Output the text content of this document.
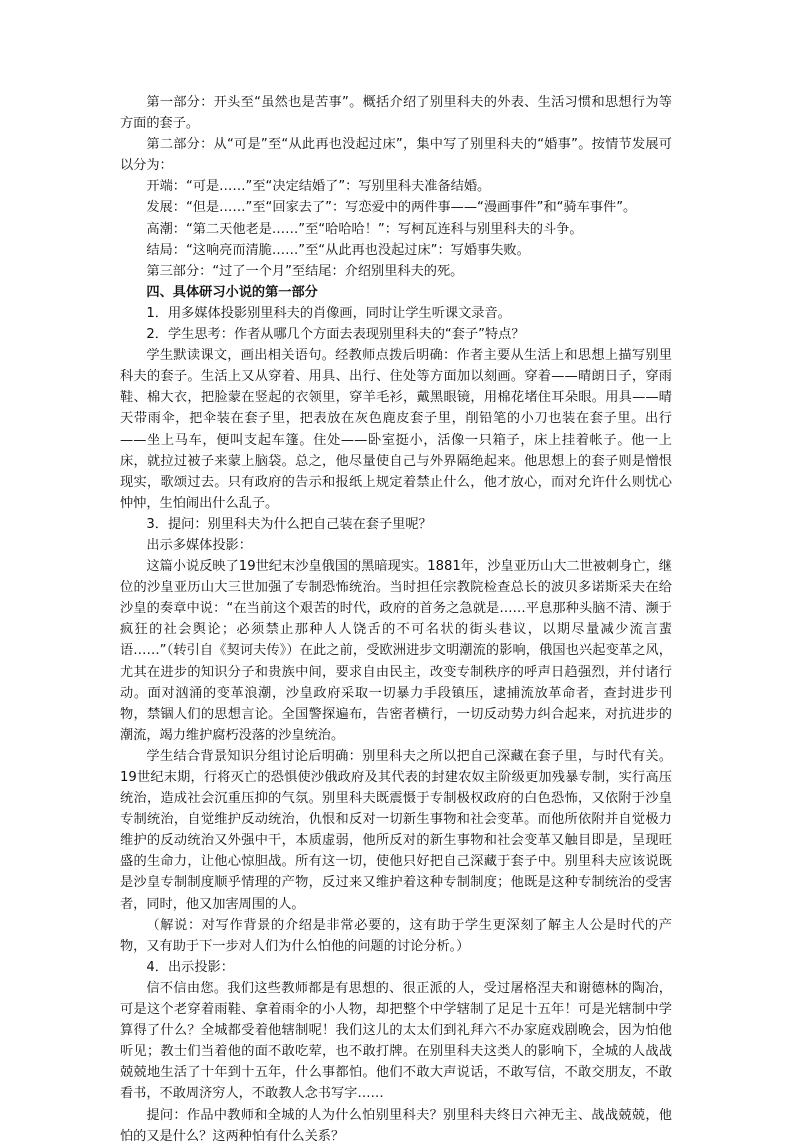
第一部分：开头至“虽然也是苦事”。概括介绍了别里科夫的外表、生活习惯和思想行为等方面的套子。

第二部分：从“可是”至“从此再也没起过床”，集中写了别里科夫的“婚事”。按情节发展可以分为：

开端：“可是……”至“决定结婚了”：写别里科夫准备结婚。

发展：“但是……”至“回家去了”：写恋爱中的两件事——“漫画事件”和“骑车事件”。

高潮：“第二天他老是……”至“哈哈哈！”：写柯瓦连科与别里科夫的斗争。

结局：“这响亮而清脆……”至“从此再也没起过床”：写婚事失败。

第三部分：“过了一个月”至结尾：介绍别里科夫的死。

四、具体研习小说的第一部分

1．用多媒体投影别里科夫的肖像画，同时让学生听课文录音。

2．学生思考：作者从哪几个方面去表现别里科夫的“套子”特点？

学生默读课文，画出相关语句。经教师点拨后明确：作者主要从生活上和思想上描写别里科夫的套子。生活上又从穿着、用具、出行、住处等方面加以刻画。穿着——晴朗日子，穿雨鞋、棉大衣，把脸蒙在竖起的衣领里，穿羊毛衫，戴黑眼镜，用棉花堵住耳朵眼。用具——晴天带雨伞，把伞装在套子里，把表放在灰色鹿皮套子里，削铅笔的小刀也装在套子里。出行——坐上马车，便叫支起车篷。住处——卧室挺小，活像一只箱子，床上挂着帐子。他一上床，就拉过被子来蒙上脑袋。总之，他尽量使自己与外界隔绝起来。他思想上的套子则是憎恨现实，歌颂过去。只有政府的告示和报纸上规定着禁止什么，他才放心，而对允许什么则忧心忡忡，生怕闹出什么乱子。

3．提问：别里科夫为什么把自己装在套子里呢？

出示多媒体投影：

这篇小说反映了19世纪末沙皇俄国的黑暗现实。1881年，沙皇亚历山大二世被刺身亡，继位的沙皇亚历山大三世加强了专制恐怖统治。当时担任宗教院检查总长的波贝多诺斯采夫在给沙皇的奏章中说：“在当前这个艰苦的时代，政府的首务之急就是……平息那种头脑不清、濒于疯狂的社会舆论；必须禁止那种人人饶舌的不可名状的街头巷议，以期尽量减少流言蜚语……”（转引自《契诃夫传》）在此之前，受欧洲进步文明潮流的影响，俄国也兴起变革之风，尤其在进步的知识分子和贵族中间，要求自由民主，改变专制秩序的呼声日趋强烈，并付诸行动。面对汹涌的变革浪潮，沙皇政府采取一切暴力手段镇压，逮捕流放革命者，查封进步刊物，禁锢人们的思想言论。全国警探遍布，告密者横行，一切反动势力纠合起来，对抗进步的潮流，竭力维护腐朽没落的沙皇统治。

学生结合背景知识分组讨论后明确：别里科夫之所以把自己深藏在套子里，与时代有关。19世纪末期，行将灭亡的恐惧使沙俄政府及其代表的封建农奴主阶级更加残暴专制，实行高压统治，造成社会沉重压抑的气氛。别里科夫既震慑于专制极权政府的白色恐怖，又依附于沙皇专制统治，自觉维护反动统治，仇恨和反对一切新生事物和社会变革。而他所依附并自觉极力维护的反动统治又外强中干，本质虚弱，他所反对的新生事物和社会变革又触目即是，呈现旺盛的生命力，让他心惊胆战。所有这一切，使他只好把自己深藏于套子中。别里科夫应该说既是沙皇专制制度顺乎情理的产物，反过来又维护着这种专制制度；他既是这种专制统治的受害者，同时，他又加害周围的人。

（解说：对写作背景的介绍是非常必要的，这有助于学生更深刻了解主人公是时代的产物，又有助于下一步对人们为什么怕他的问题的讨论分析。）

4．出示投影：

信不信由您。我们这些教师都是有思想的、很正派的人，受过屠格涅夫和谢德林的陶冶，可是这个老穿着雨鞋、拿着雨伞的小人物，却把整个中学辖制了足足十五年！可是光辖制中学算得了什么？全城都受着他辖制呢！我们这儿的太太们到礼拜六不办家庭戏剧晚会，因为怕他听见；教士们当着他的面不敢吃荤，也不敢打牌。在别里科夫这类人的影响下，全城的人战战兢兢地生活了十年到十五年，什么事都怕。他们不敢大声说话，不敢写信，不敢交朋友，不敢看书，不敢周济穷人，不敢教人念书写字……

提问：作品中教师和全城的人为什么怕别里科夫？别里科夫终日六神无主、战战兢兢，他怕的又是什么？这两种怕有什么关系？
